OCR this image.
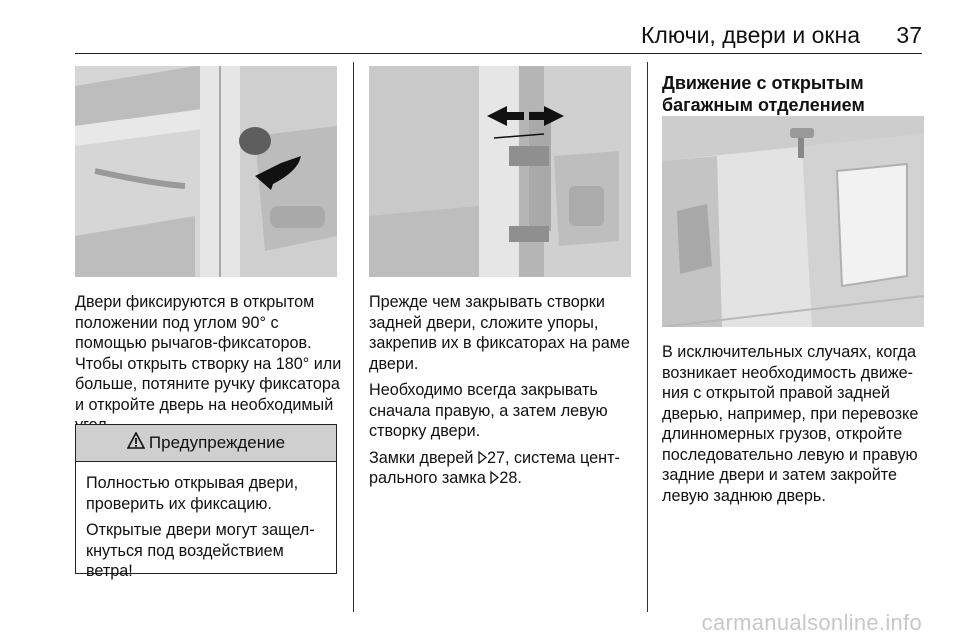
Ключи, двери и окна 37
Двери фиксируются в открытом
положении под углом 90° с
помощью рычагов-фиксаторов.
Чтобы открыть створку на 180° или
больше, потяните ручку фиксатора
и откройте дверь на необходимый
Предупреждение

Полностью открывая двери,
проверить их фиксацию.

Открытые двери могут защел-
кнуться под воздействием
ветра!

Прежде чем закрывать створки
задней двери, сложите упоры,
закрепив их в фиксаторах на раме
двери.

Необходимо всегда закрывать
сначала правую, а затем левую
створку двери.

Замки дверей 27, система цент-
рального замка 28.

Движение с открытым
багажным отделением
В исключительных случаях, когда
возникает необходимость движе-
ния с открытой правой задней
дверью, например, при перевозке
длинномерных грузов, откройте
последовательно левую и правую
задние двери и затем закройте
левую заднюю дверь.
carmanualsonline.info
